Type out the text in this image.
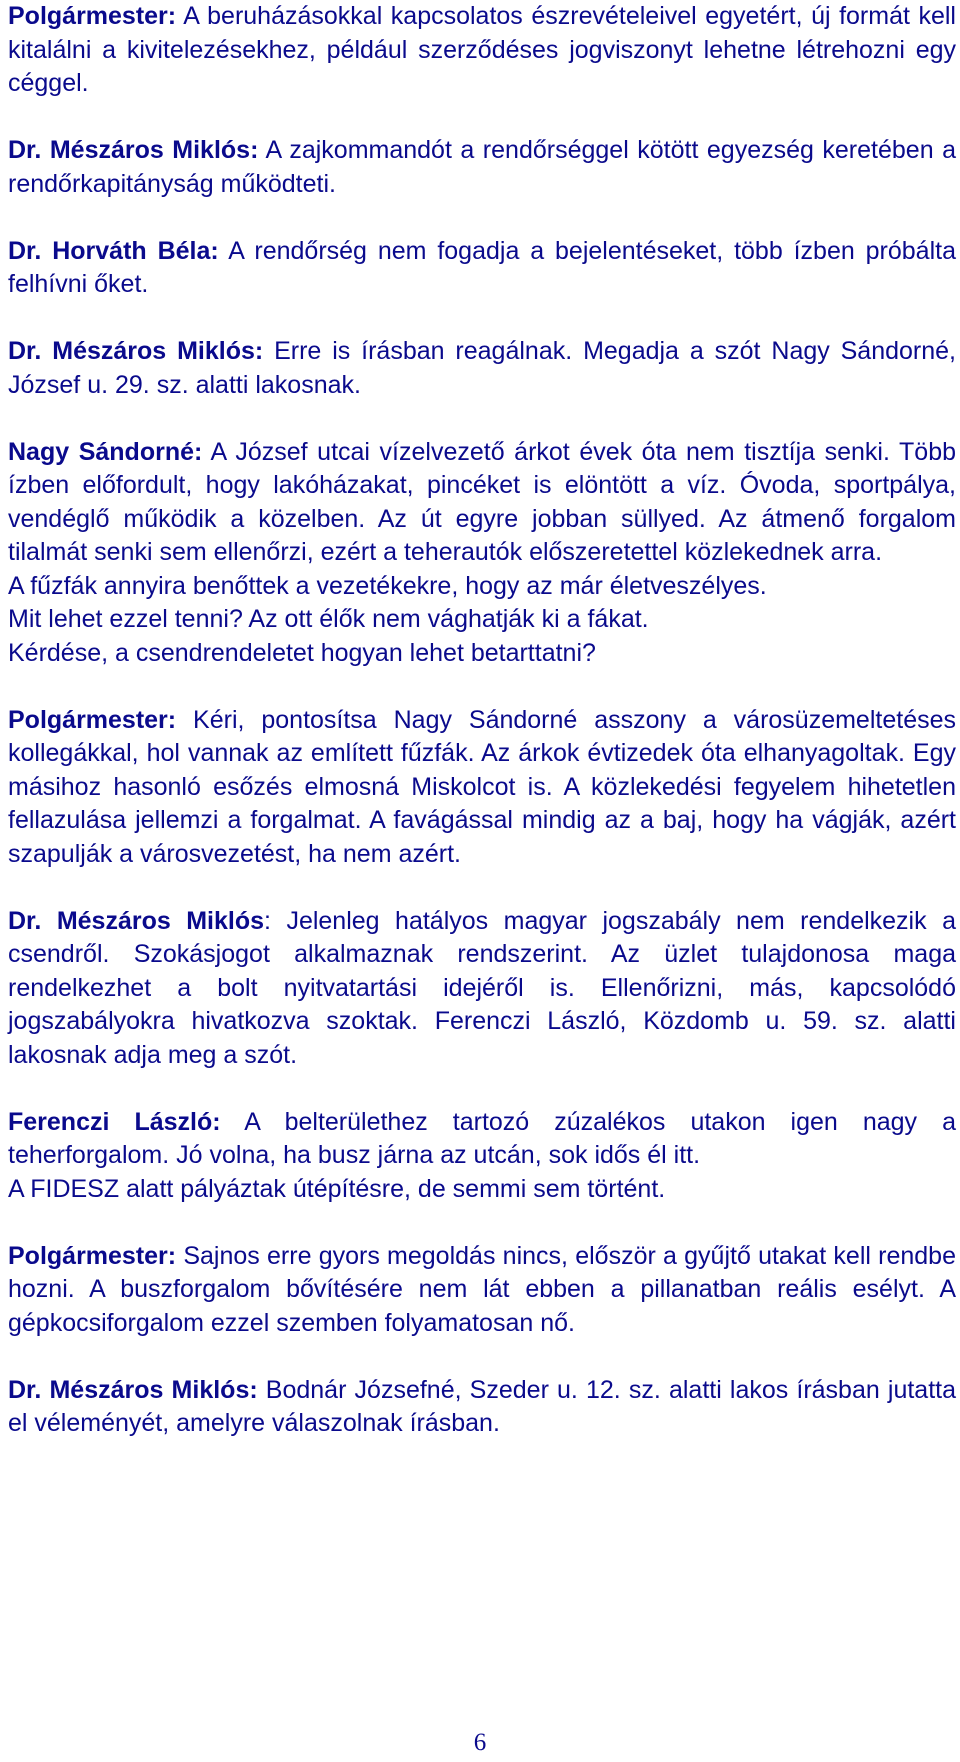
Polgármester: A beruházásokkal kapcsolatos észrevételeivel egyetért, új formát kell kitalálni a kivitelezésekhez, például szerződéses jogviszonyt lehetne létrehozni egy céggel.

Dr. Mészáros Miklós: A zajkommandót a rendőrséggel kötött egyezség keretében a rendőrkapitányság működteti.

Dr. Horváth Béla: A rendőrség nem fogadja a bejelentéseket, több ízben próbálta felhívni őket.

Dr. Mészáros Miklós: Erre is írásban reagálnak. Megadja a szót Nagy Sándorné, József u. 29. sz. alatti lakosnak.

Nagy Sándorné: A József utcai vízelvezető árkot évek óta nem tisztíja senki. Több ízben előfordult, hogy lakóházakat, pincéket is elöntött a víz. Óvoda, sportpálya, vendéglő működik a közelben. Az út egyre jobban süllyed. Az átmenő forgalom tilalmát senki sem ellenőrzi, ezért a teherautók előszeretettel közlekednek arra.

A fűzfák annyira benőttek a vezetékekre, hogy az már életveszélyes.
Mit lehet ezzel tenni? Az ott élők nem vághatják ki a fákat.
Kérdése, a csendrendeletet hogyan lehet betarttatni?

Polgármester: Kéri, pontosítsa Nagy Sándorné asszony a városüzemeltetéses kollegákkal, hol vannak az említett fűzfák. Az árkok évtizedek óta elhanyagoltak. Egy másihoz hasonló esőzés elmosná Miskolcot is. A közlekedési fegyelem hihetetlen fellazulása jellemzi a forgalmat. A favágással mindig az a baj, hogy ha vágják, azért szapulják a városvezetést, ha nem azért.

Dr. Mészáros Miklós: Jelenleg hatályos magyar jogszabály nem rendelkezik a csendről. Szokásjogot alkalmaznak rendszerint. Az üzlet tulajdonosa maga rendelkezhet a bolt nyitvatartási idejéről is. Ellenőrizni, más, kapcsolódó jogszabályokra hivatkozva szoktak. Ferenczi László, Közdomb u. 59. sz. alatti lakosnak adja meg a szót.

Ferenczi László: A belterülethez tartozó zúzalékos utakon igen nagy a teherforgalom. Jó volna, ha busz járna az utcán, sok idős él itt.

A FIDESZ alatt pályáztak útépítésre, de semmi sem történt.

Polgármester: Sajnos erre gyors megoldás nincs, először a gyűjtő utakat kell rendbe hozni. A buszforgalom bővítésére nem lát ebben a pillanatban reális esélyt. A gépkocsiforgalom ezzel szemben folyamatosan nő.

Dr. Mészáros Miklós: Bodnár Józsefné, Szeder u. 12. sz. alatti lakos írásban jutatta el véleményét, amelyre válaszolnak írásban.

6
